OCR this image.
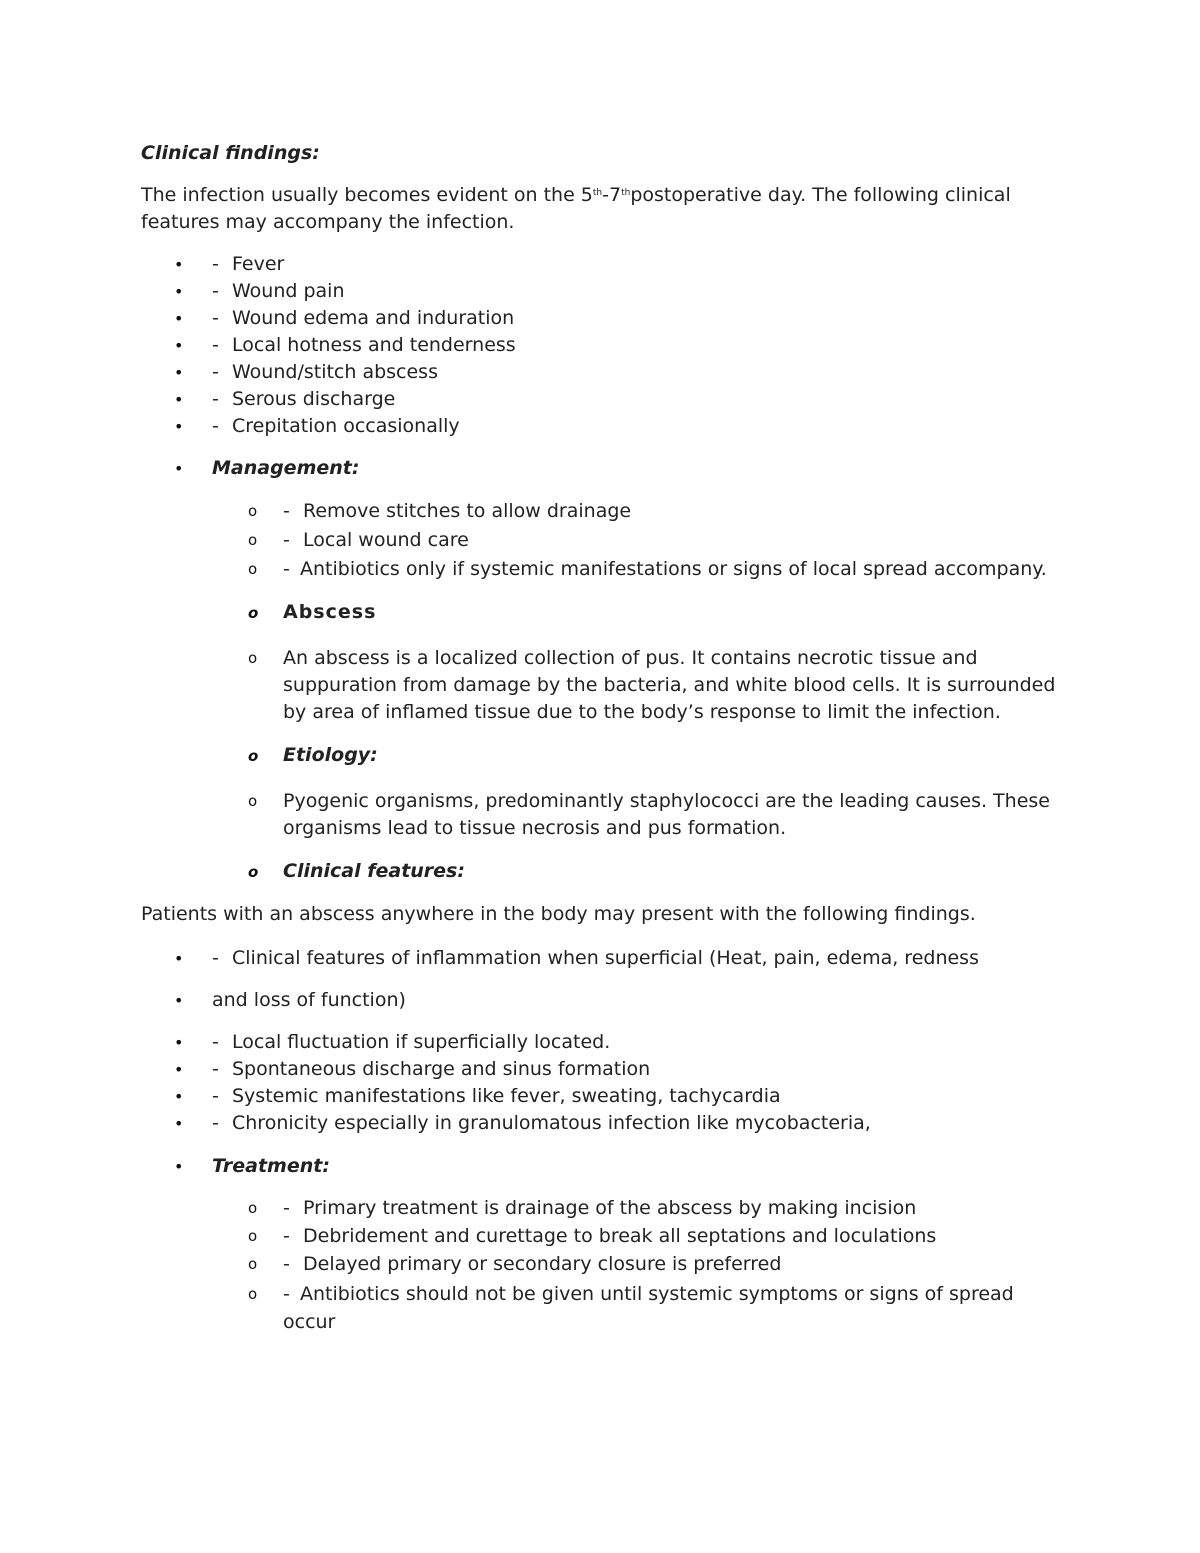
Clinical findings:
The infection usually becomes evident on the 5th-7thpostoperative day. The following clinical
features may accompany the infection.
• - Fever
• - Wound pain
• - Wound edema and induration
• - Local hotness and tenderness
• - Wound/stitch abscess
• - Serous discharge
• - Crepitation occasionally
• Management:
o - Remove stitches to allow drainage
o - Local wound care
o - Antibiotics only if systemic manifestations or signs of local spread accompany.
o Abscess
o An abscess is a localized collection of pus. It contains necrotic tissue and
suppuration from damage by the bacteria, and white blood cells. It is surrounded
by area of inflamed tissue due to the body’s response to limit the infection.
o Etiology:
o Pyogenic organisms, predominantly staphylococci are the leading causes. These
organisms lead to tissue necrosis and pus formation.
o Clinical features:
Patients with an abscess anywhere in the body may present with the following findings.
• - Clinical features of inflammation when superficial (Heat, pain, edema, redness
• and loss of function)
• - Local fluctuation if superficially located.
• - Spontaneous discharge and sinus formation
• - Systemic manifestations like fever, sweating, tachycardia
• - Chronicity especially in granulomatous infection like mycobacteria,
• Treatment:
o - Primary treatment is drainage of the abscess by making incision
o - Debridement and curettage to break all septations and loculations
o - Delayed primary or secondary closure is preferred
o - Antibiotics should not be given until systemic symptoms or signs of spread
occur
